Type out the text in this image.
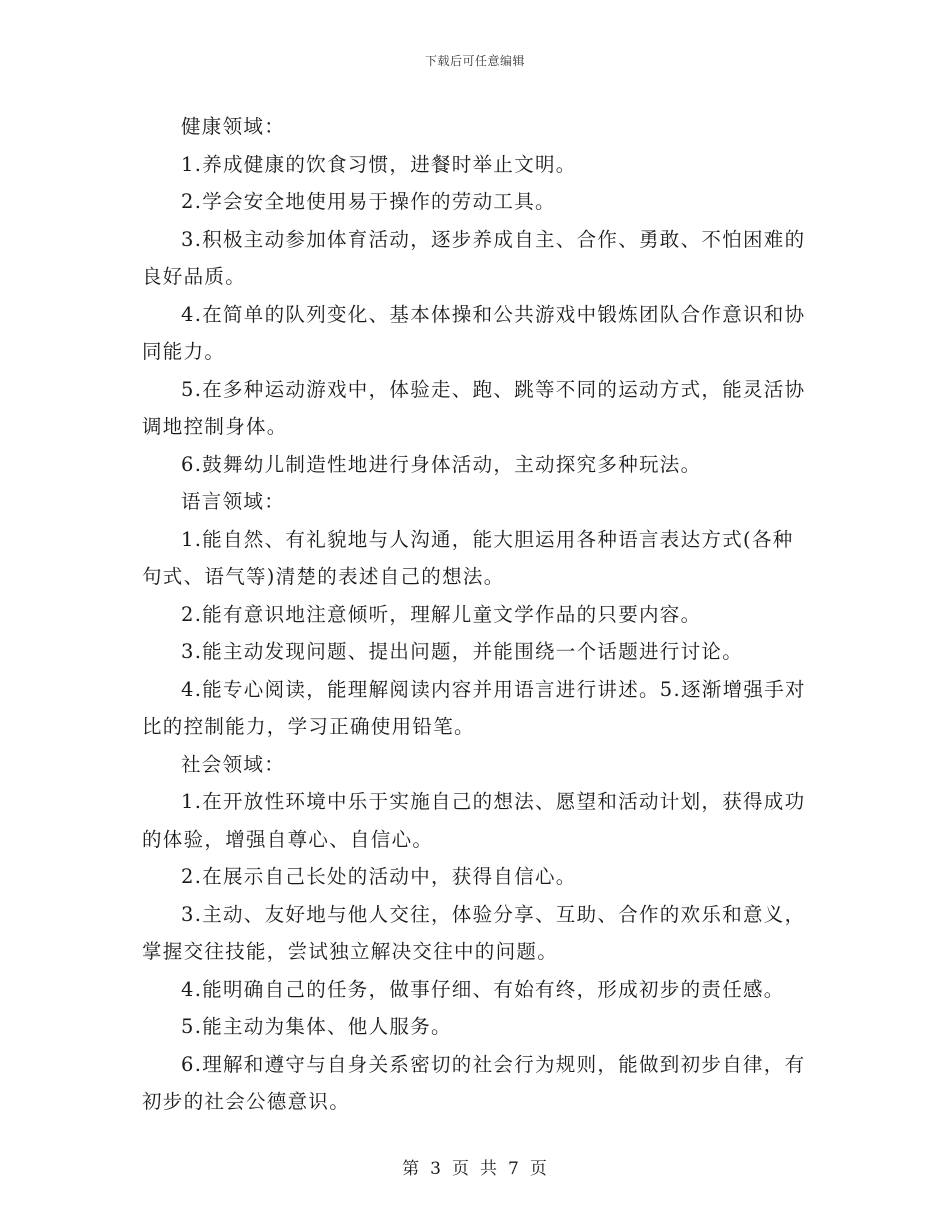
下载后可任意编辑

健康领域：

1.养成健康的饮食习惯，进餐时举止文明。

2.学会安全地使用易于操作的劳动工具。

3.积极主动参加体育活动，逐步养成自主、合作、勇敢、不怕困难的良好品质。

4.在简单的队列变化、基本体操和公共游戏中锻炼团队合作意识和协同能力。

5.在多种运动游戏中，体验走、跑、跳等不同的运动方式，能灵活协调地控制身体。

6.鼓舞幼儿制造性地进行身体活动，主动探究多种玩法。

语言领域：

1.能自然、有礼貌地与人沟通，能大胆运用各种语言表达方式(各种句式、语气等)清楚的表述自己的想法。

2.能有意识地注意倾听，理解儿童文学作品的只要内容。

3.能主动发现问题、提出问题，并能围绕一个话题进行讨论。

4.能专心阅读，能理解阅读内容并用语言进行讲述。5.逐渐增强手对比的控制能力，学习正确使用铅笔。

社会领域：

1.在开放性环境中乐于实施自己的想法、愿望和活动计划，获得成功的体验，增强自尊心、自信心。

2.在展示自己长处的活动中，获得自信心。

3.主动、友好地与他人交往，体验分享、互助、合作的欢乐和意义，掌握交往技能，尝试独立解决交往中的问题。

4.能明确自己的任务，做事仔细、有始有终，形成初步的责任感。

5.能主动为集体、他人服务。

6.理解和遵守与自身关系密切的社会行为规则，能做到初步自律，有初步的社会公德意识。

第 3 页 共 7 页
